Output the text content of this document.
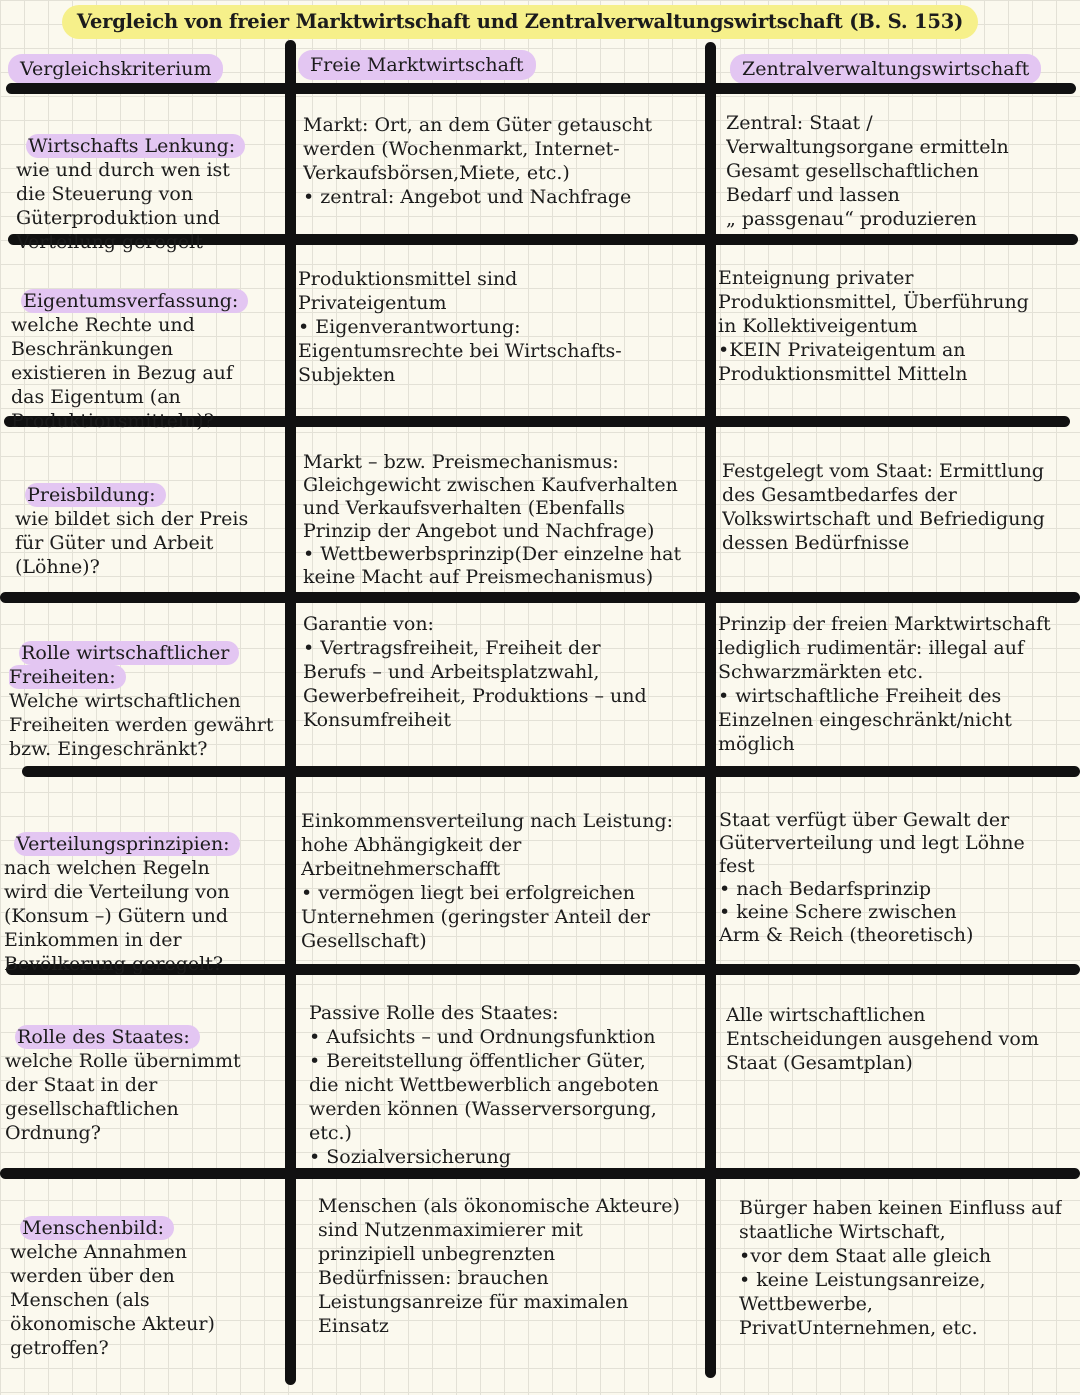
Vergleich von freier Marktwirtschaft und Zentralverwaltungswirtschaft (B. S. 153)
Vergleichskriterium	Freie Marktwirtschaft	Zentralverwaltungswirtschaft

Wirtschafts Lenkung:
wie und durch wen ist
die Steuerung von
Güterproduktion und
Verteilung geregelt

Markt: Ort, an dem Güter getauscht
werden (Wochenmarkt, Internet-
Verkaufsbörsen,Miete, etc.)
• zentral: Angebot und Nachfrage
Zentral: Staat /
Verwaltungsorgane ermitteln
Gesamt gesellschaftlichen
Bedarf und lassen
„ passgenau“ produzieren

Eigentumsverfassung:
welche Rechte und
Beschränkungen
existieren in Bezug auf
das Eigentum (an
Produktionsmitteln)?

Produktionsmittel sind
Privateigentum
• Eigenverantwortung:
Eigentumsrechte bei Wirtschafts-
Subjekten
Enteignung privater
Produktionsmittel, Überführung
in Kollektiveigentum
•KEIN Privateigentum an
Produktionsmittel Mitteln

Preisbildung:
wie bildet sich der Preis
für Güter und Arbeit
(Löhne)?

Markt – bzw. Preismechanismus:
Gleichgewicht zwischen Kaufverhalten
und Verkaufsverhalten (Ebenfalls
Prinzip der Angebot und Nachfrage)
• Wettbewerbsprinzip(Der einzelne hat
keine Macht auf Preismechanismus)
Festgelegt vom Staat: Ermittlung
des Gesamtbedarfes der
Volkswirtschaft und Befriedigung
dessen Bedürfnisse

Rolle wirtschaftlicher
Freiheiten:
Welche wirtschaftlichen
Freiheiten werden gewährt
bzw. Eingeschränkt?

Garantie von:
• Vertragsfreiheit, Freiheit der
Berufs – und Arbeitsplatzwahl,
Gewerbefreiheit, Produktions – und
Konsumfreiheit
Prinzip der freien Marktwirtschaft
lediglich rudimentär: illegal auf
Schwarzmärkten etc.
• wirtschaftliche Freiheit des
Einzelnen eingeschränkt/nicht
möglich

Verteilungsprinzipien:
nach welchen Regeln
wird die Verteilung von
(Konsum –) Gütern und
Einkommen in der
Bevölkerung geregelt?

Einkommensverteilung nach Leistung:
hohe Abhängigkeit der
Arbeitnehmerschafft
• vermögen liegt bei erfolgreichen
Unternehmen (geringster Anteil der
Gesellschaft)
Staat verfügt über Gewalt der
Güterverteilung und legt Löhne
fest
• nach Bedarfsprinzip
• keine Schere zwischen
Arm & Reich (theoretisch)

Rolle des Staates:
welche Rolle übernimmt
der Staat in der
gesellschaftlichen
Ordnung?

Passive Rolle des Staates:
• Aufsichts – und Ordnungsfunktion
• Bereitstellung öffentlicher Güter,
die nicht Wettbewerblich angeboten
werden können (Wasserversorgung,
etc.)
• Sozialversicherung
Alle wirtschaftlichen
Entscheidungen ausgehend vom
Staat (Gesamtplan)

Menschenbild:
welche Annahmen
werden über den
Menschen (als
ökonomische Akteur)
getroffen?

Menschen (als ökonomische Akteure)
sind Nutzenmaximierer mit
prinzipiell unbegrenzten
Bedürfnissen: brauchen
Leistungsanreize für maximalen
Einsatz
Bürger haben keinen Einfluss auf
staatliche Wirtschaft,
•vor dem Staat alle gleich
• keine Leistungsanreize,
Wettbewerbe,
PrivatUnternehmen, etc.
